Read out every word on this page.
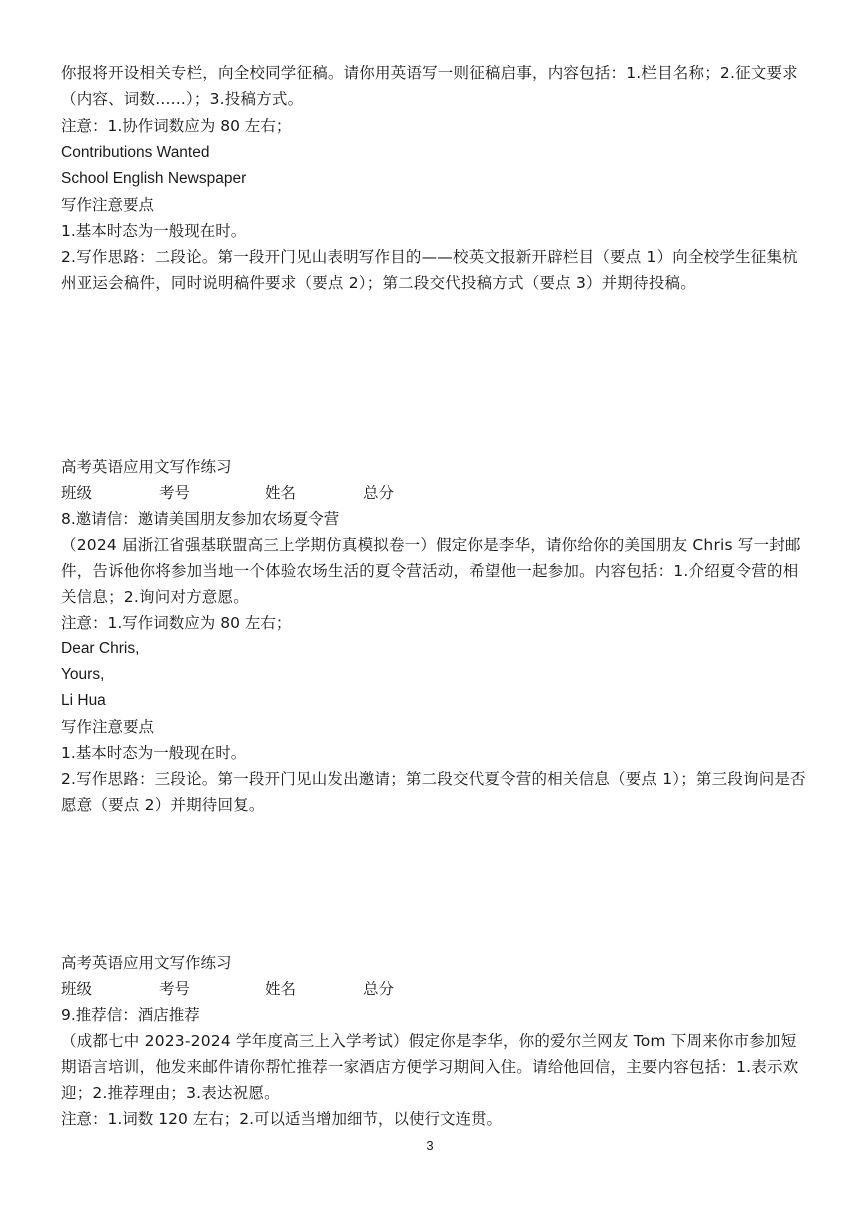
你报将开设相关专栏，向全校同学征稿。请你用英语写一则征稿启事，内容包括：1.栏目名称；2.征文要求（内容、词数......）；3.投稿方式。
注意：1.协作词数应为 80 左右；
Contributions Wanted
School English Newspaper
写作注意要点
1.基本时态为一般现在时。
2.写作思路：二段论。第一段开门见山表明写作目的——校英文报新开辟栏目（要点 1）向全校学生征集杭州亚运会稿件，同时说明稿件要求（要点 2）；第二段交代投稿方式（要点 3）并期待投稿。
高考英语应用文写作练习
班级	考号	姓名	总分
8.邀请信：邀请美国朋友参加农场夏令营
（2024 届浙江省强基联盟高三上学期仿真模拟卷一）假定你是李华，请你给你的美国朋友 Chris 写一封邮件，告诉他你将参加当地一个体验农场生活的夏令营活动，希望他一起参加。内容包括：1.介绍夏令营的相关信息；2.询问对方意愿。
注意：1.写作词数应为 80 左右；
Dear Chris,
Yours,
Li Hua
写作注意要点
1.基本时态为一般现在时。
2.写作思路：三段论。第一段开门见山发出邀请；第二段交代夏令营的相关信息（要点 1）；第三段询问是否愿意（要点 2）并期待回复。
高考英语应用文写作练习
班级	考号	姓名	总分
9.推荐信：酒店推荐
（成都七中 2023-2024 学年度高三上入学考试）假定你是李华，你的爱尔兰网友 Tom 下周来你市参加短期语言培训，他发来邮件请你帮忙推荐一家酒店方便学习期间入住。请给他回信，主要内容包括：1.表示欢迎；2.推荐理由；3.表达祝愿。
注意：1.词数 120 左右；2.可以适当增加细节，以使行文连贯。
3
